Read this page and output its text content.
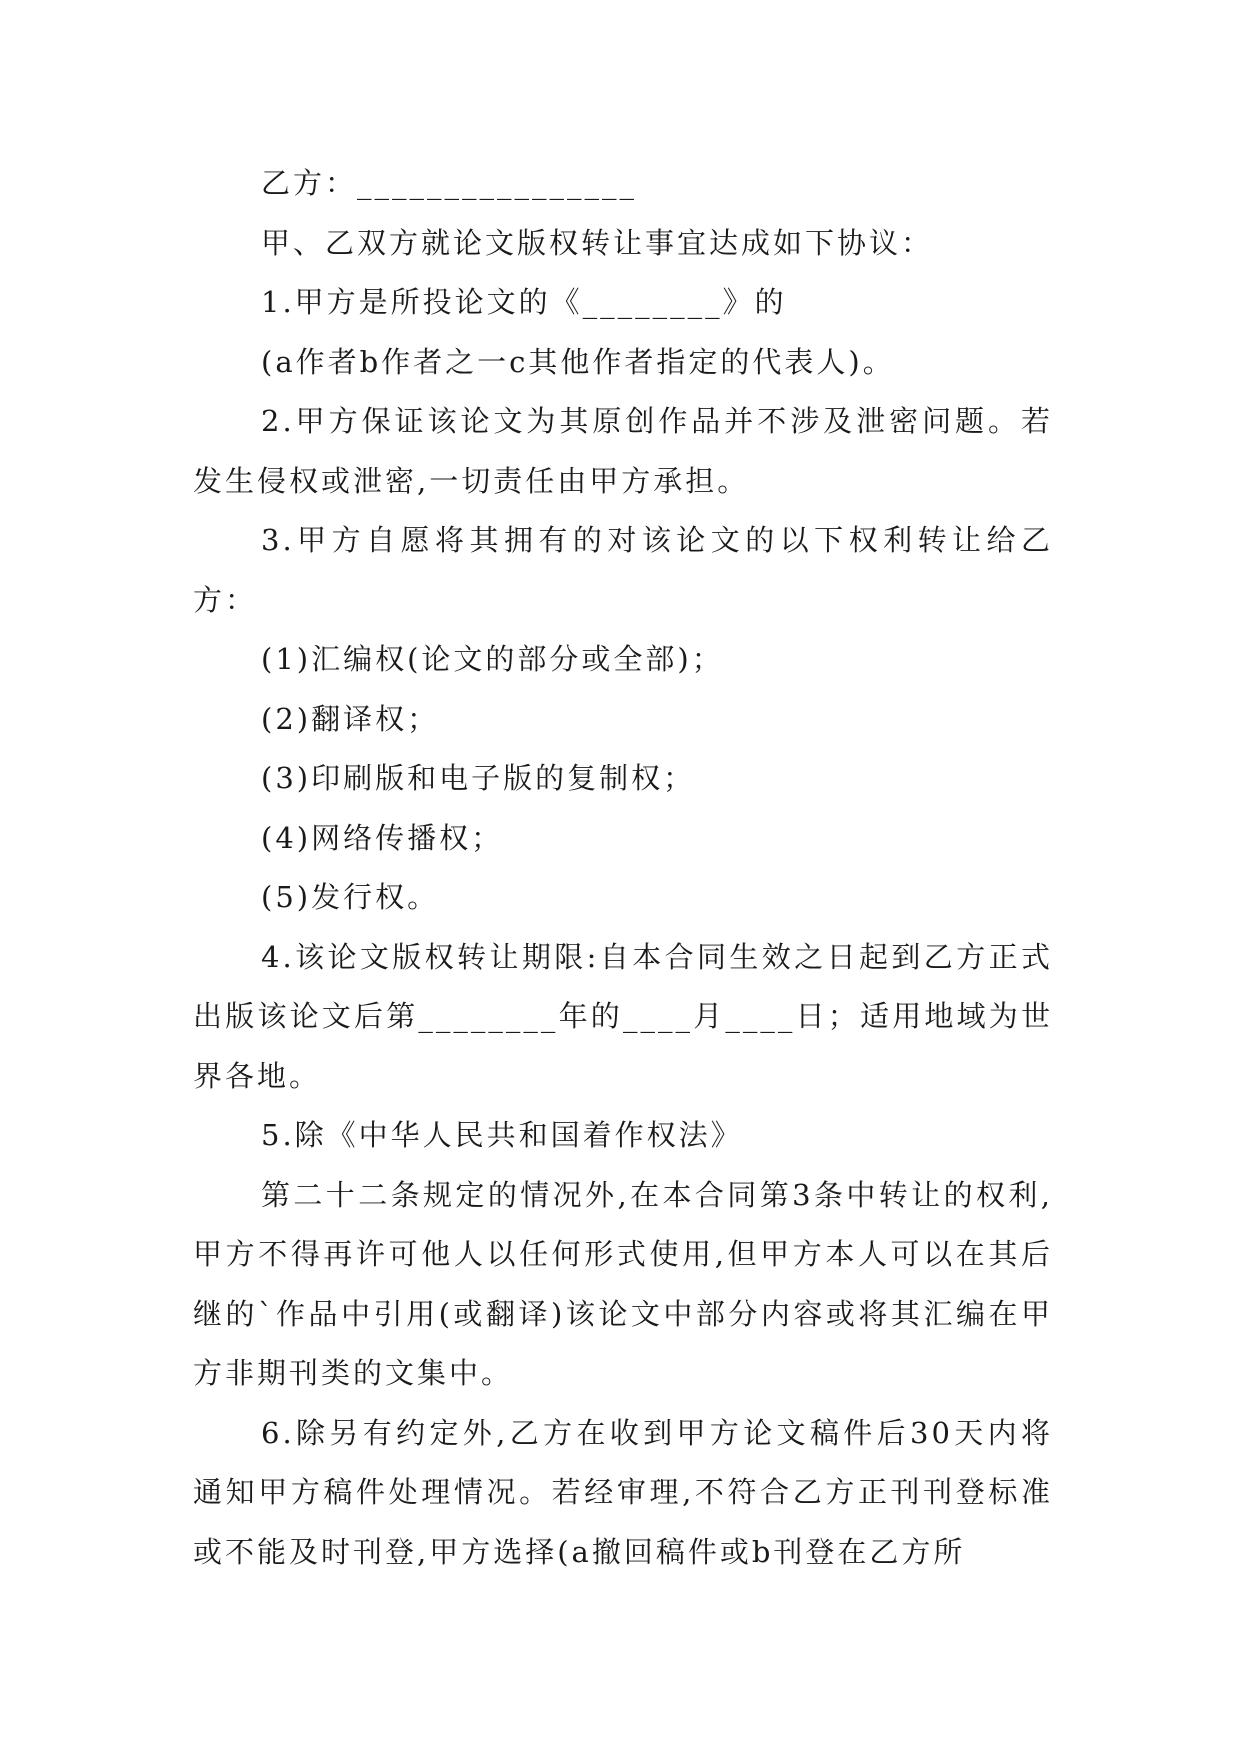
乙方：________________

甲、乙双方就论文版权转让事宜达成如下协议：

1.甲方是所投论文的《________》的

(a作者b作者之一c其他作者指定的代表人)。

2.甲方保证该论文为其原创作品并不涉及泄密问题。若发生侵权或泄密,一切责任由甲方承担。

3.甲方自愿将其拥有的对该论文的以下权利转让给乙方：

(1)汇编权(论文的部分或全部)；

(2)翻译权；

(3)印刷版和电子版的复制权；

(4)网络传播权；

(5)发行权。

4.该论文版权转让期限:自本合同生效之日起到乙方正式出版该论文后第________年的____月____日；适用地域为世界各地。

5.除《中华人民共和国着作权法》

第二十二条规定的情况外,在本合同第3条中转让的权利,甲方不得再许可他人以任何形式使用,但甲方本人可以在其后继的`作品中引用(或翻译)该论文中部分内容或将其汇编在甲方非期刊类的文集中。

6.除另有约定外,乙方在收到甲方论文稿件后30天内将通知甲方稿件处理情况。若经审理,不符合乙方正刊刊登标准或不能及时刊登,甲方选择(a撤回稿件或b刊登在乙方所
